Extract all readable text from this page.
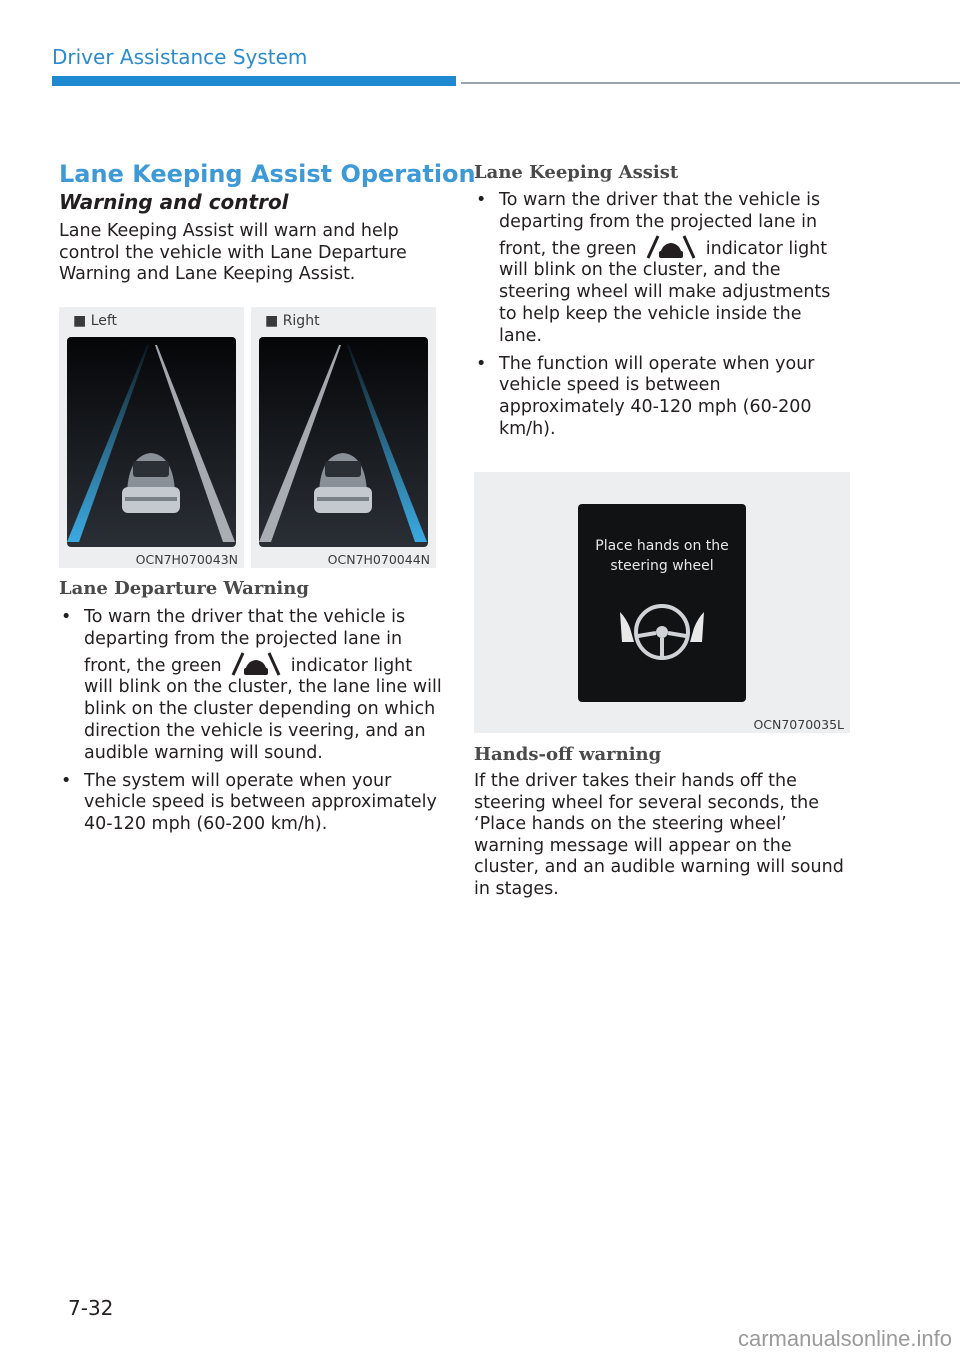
Driver Assistance System
Lane Keeping Assist Operation
Warning and control
Lane Keeping Assist will warn and help control the vehicle with Lane Departure Warning and Lane Keeping Assist.
■ Left
OCN7H070043N
■ Right
OCN7H070044N
Lane Departure Warning
• To warn the driver that the vehicle is departing from the projected lane in front, the green	indicator light will blink on the cluster, the lane line will blink on the cluster depending on which direction the vehicle is veering, and an audible warning will sound.
• The system will operate when your vehicle speed is between approximately 40-120 mph (60-200 km/h).
Lane Keeping Assist
• To warn the driver that the vehicle is departing from the projected lane in front, the green	indicator light will blink on the cluster, and the steering wheel will make adjustments to help keep the vehicle inside the lane.
• The function will operate when your vehicle speed is between approximately 40-120 mph (60-200 km/h).
Place hands on the steering wheel
OCN7070035L
Hands-off warning
If the driver takes their hands off the steering wheel for several seconds, the ‘Place hands on the steering wheel’ warning message will appear on the cluster, and an audible warning will sound in stages.
7-32
carmanualsonline.info
